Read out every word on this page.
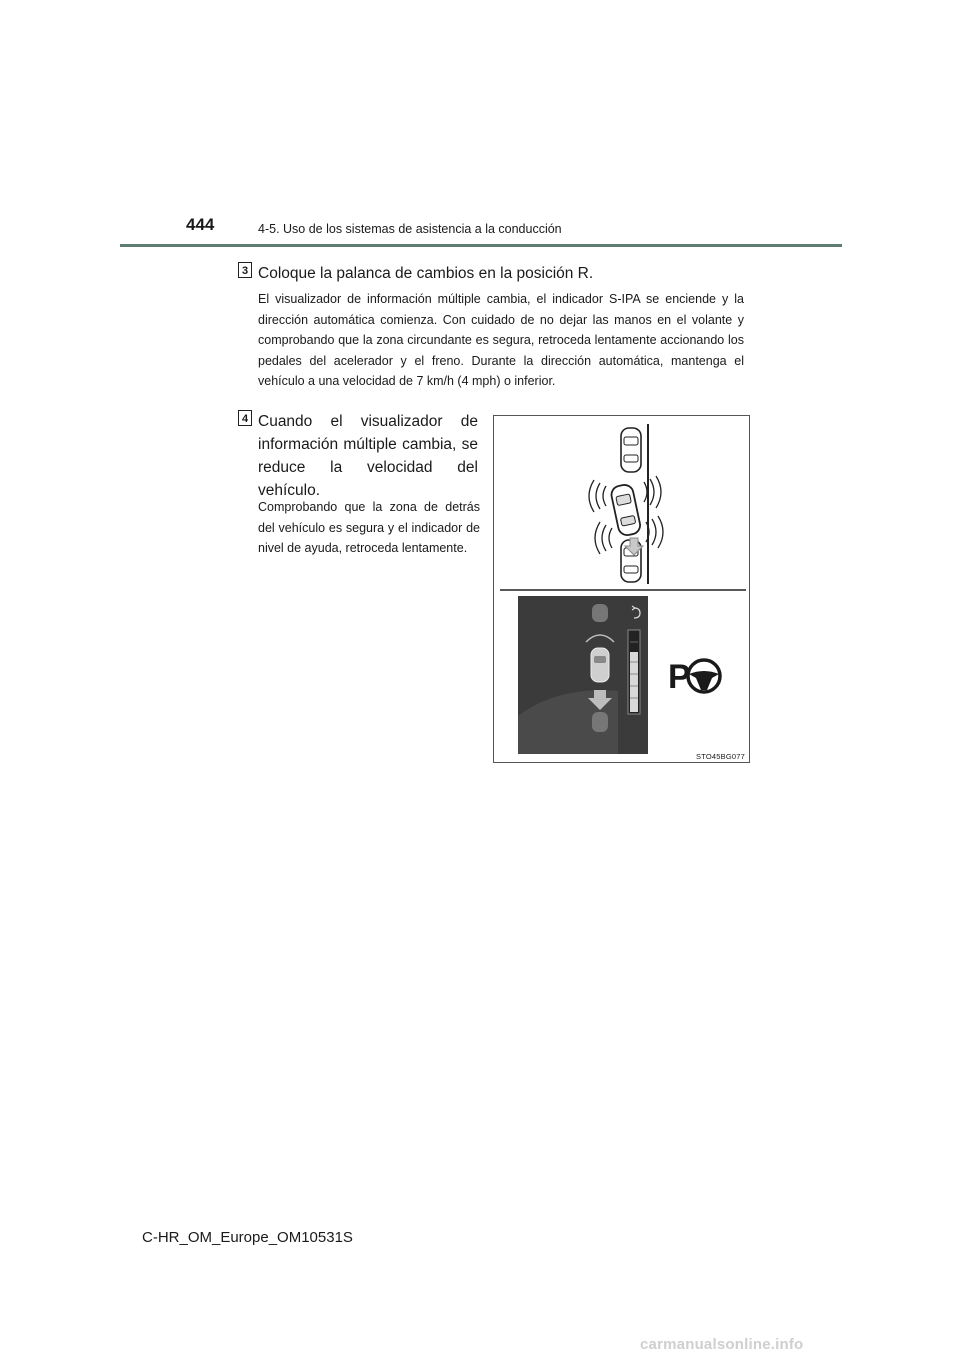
444	4-5. Uso de los sistemas de asistencia a la conducción
3 Coloque la palanca de cambios en la posición R.
El visualizador de información múltiple cambia, el indicador S-IPA se enciende y la dirección automática comienza. Con cuidado de no dejar las manos en el volante y comprobando que la zona circundante es segura, retroceda lentamente accionando los pedales del acelerador y el freno. Durante la dirección automática, mantenga el vehículo a una velocidad de 7 km/h (4 mph) o inferior.
4 Cuando el visualizador de información múltiple cambia, se reduce la velocidad del vehículo.
Comprobando que la zona de detrás del vehículo es segura y el indicador de nivel de ayuda, retroceda lentamente.
P
STO45BG077
C-HR_OM_Europe_OM10531S
carmanualsonline.info
